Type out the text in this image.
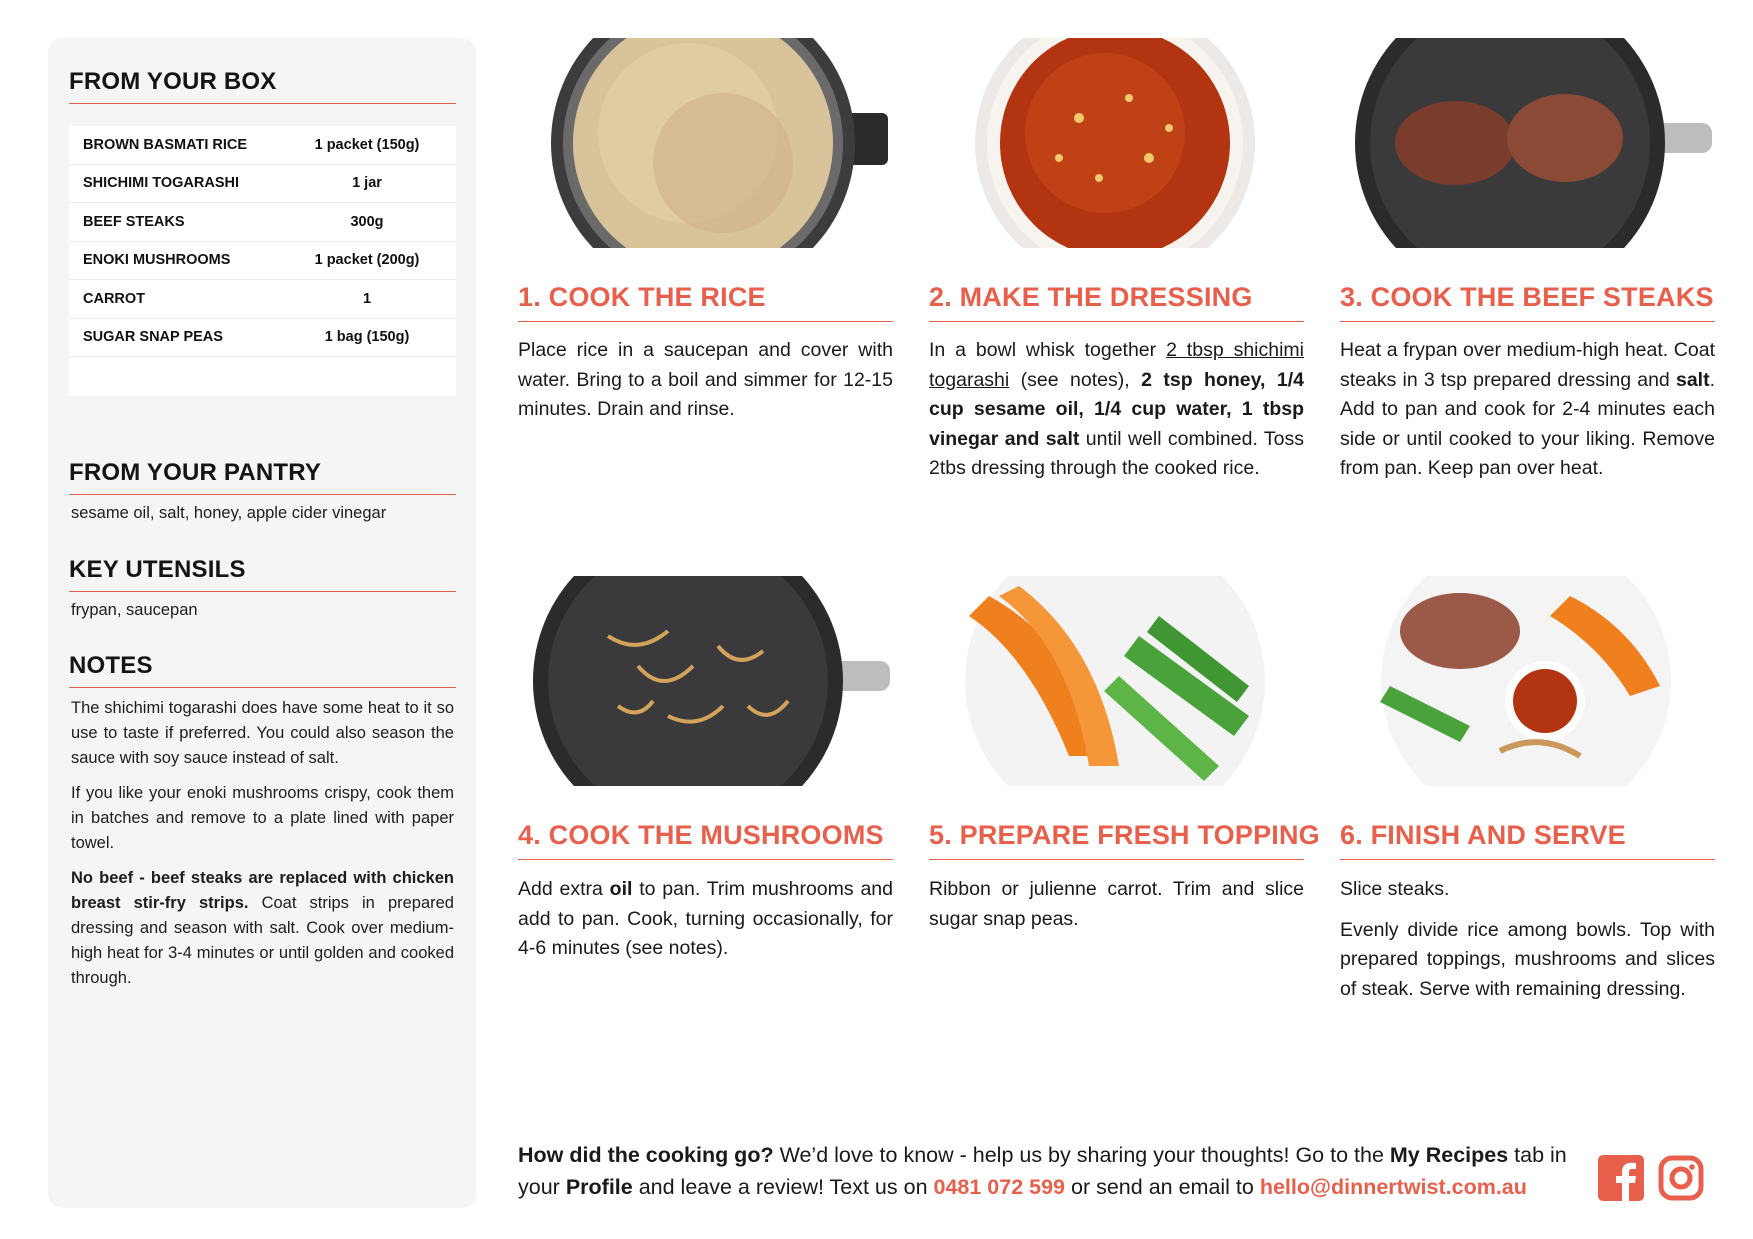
FROM YOUR BOX
BROWN BASMATI RICE	1 packet (150g)
SHICHIMI TOGARASHI	1 jar
BEEF STEAKS	300g
ENOKI MUSHROOMS	1 packet (200g)
CARROT	1
SUGAR SNAP PEAS	1 bag (150g)
FROM YOUR PANTRY
sesame oil, salt, honey, apple cider vinegar
KEY UTENSILS
frypan, saucepan
NOTES

The shichimi togarashi does have some heat to it so use to taste if preferred. You could also season the sauce with soy sauce instead of salt.

If you like your enoki mushrooms crispy, cook them in batches and remove to a plate lined with paper towel.

No beef - beef steaks are replaced with chicken breast stir-fry strips. Coat strips in prepared dressing and season with salt. Cook over medium-high heat for 3-4 minutes or until golden and cooked through.

1. COOK THE RICE
Place rice in a saucepan and cover with water. Bring to a boil and simmer for 12-15 minutes. Drain and rinse.
2. MAKE THE DRESSING
In a bowl whisk together 2 tbsp shichimi togarashi (see notes), 2 tsp honey, 1/4 cup sesame oil, 1/4 cup water, 1 tbsp vinegar and salt until well combined. Toss 2tbs dressing through the cooked rice.
3. COOK THE BEEF STEAKS
Heat a frypan over medium-high heat. Coat steaks in 3 tsp prepared dressing and salt. Add to pan and cook for 2-4 minutes each side or until cooked to your liking. Remove from pan. Keep pan over heat.
4. COOK THE MUSHROOMS
Add extra oil to pan. Trim mushrooms and add to pan. Cook, turning occasionally, for 4-6 minutes (see notes).
5. PREPARE FRESH TOPPING
Ribbon or julienne carrot. Trim and slice sugar snap peas.
6. FINISH AND SERVE

Slice steaks.

Evenly divide rice among bowls. Top with prepared toppings, mushrooms and slices of steak. Serve with remaining dressing.

How did the cooking go? We’d love to know - help us by sharing your thoughts! Go to the My Recipes tab in your Profile and leave a review! Text us on 0481 072 599 or send an email to hello@dinnertwist.com.au
